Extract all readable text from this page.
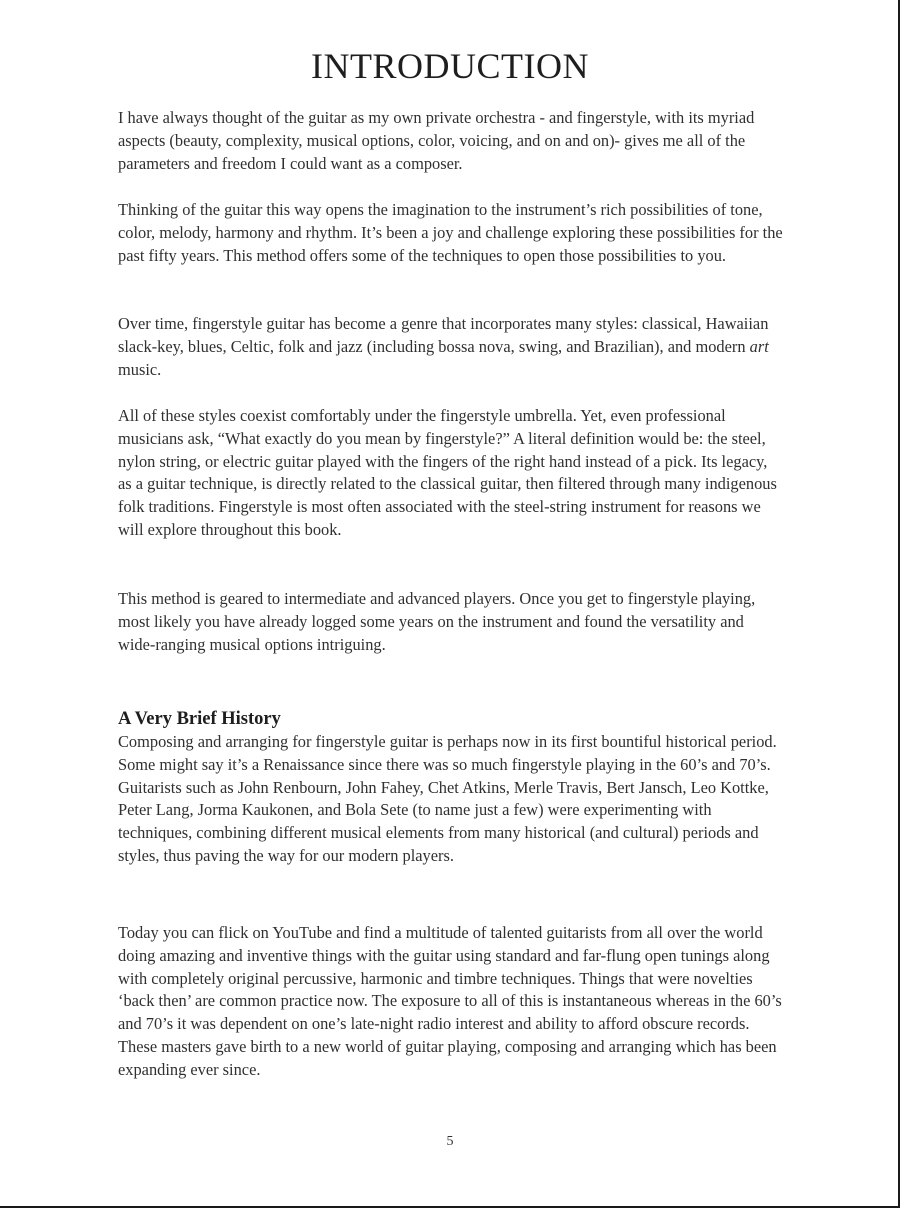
INTRODUCTION

I have always thought of the guitar as my own private orchestra - and fingerstyle, with its myriad aspects (beauty, complexity, musical options, color, voicing, and on and on)- gives me all of the parameters and freedom I could want as a composer.

Thinking of the guitar this way opens the imagination to the instrument’s rich possibilities of tone, color, melody, harmony and rhythm. It’s been a joy and challenge exploring these possibilities for the past fifty years. This method offers some of the techniques to open those possibilities to you.

Over time, fingerstyle guitar has become a genre that incorporates many styles: classical, Hawaiian slack-key, blues, Celtic, folk and jazz (including bossa nova, swing, and Brazilian), and modern art music.

All of these styles coexist comfortably under the fingerstyle umbrella. Yet, even professional musicians ask, “What exactly do you mean by fingerstyle?” A literal definition would be: the steel, nylon string, or electric guitar played with the fingers of the right hand instead of a pick. Its legacy, as a guitar technique, is directly related to the classical guitar, then filtered through many indigenous folk traditions. Fingerstyle is most often associated with the steel-string instrument for reasons we will explore throughout this book.

This method is geared to intermediate and advanced players. Once you get to fingerstyle playing, most likely you have already logged some years on the instrument and found the versatility and wide-ranging musical options intriguing.

A Very Brief History

Composing and arranging for fingerstyle guitar is perhaps now in its first bountiful historical period. Some might say it’s a Renaissance since there was so much fingerstyle playing in the 60’s and 70’s. Guitarists such as John Renbourn, John Fahey, Chet Atkins, Merle Travis, Bert Jansch, Leo Kottke, Peter Lang, Jorma Kaukonen, and Bola Sete (to name just a few) were experimenting with techniques, combining different musical elements from many historical (and cultural) periods and styles, thus paving the way for our modern players.

Today you can flick on YouTube and find a multitude of talented guitarists from all over the world doing amazing and inventive things with the guitar using standard and far-flung open tunings along with completely original percussive, harmonic and timbre techniques. Things that were novelties ‘back then’ are common practice now. The exposure to all of this is instantaneous whereas in the 60’s and 70’s it was dependent on one’s late-night radio interest and ability to afford obscure records. These masters gave birth to a new world of guitar playing, composing and arranging which has been expanding ever since.

5
